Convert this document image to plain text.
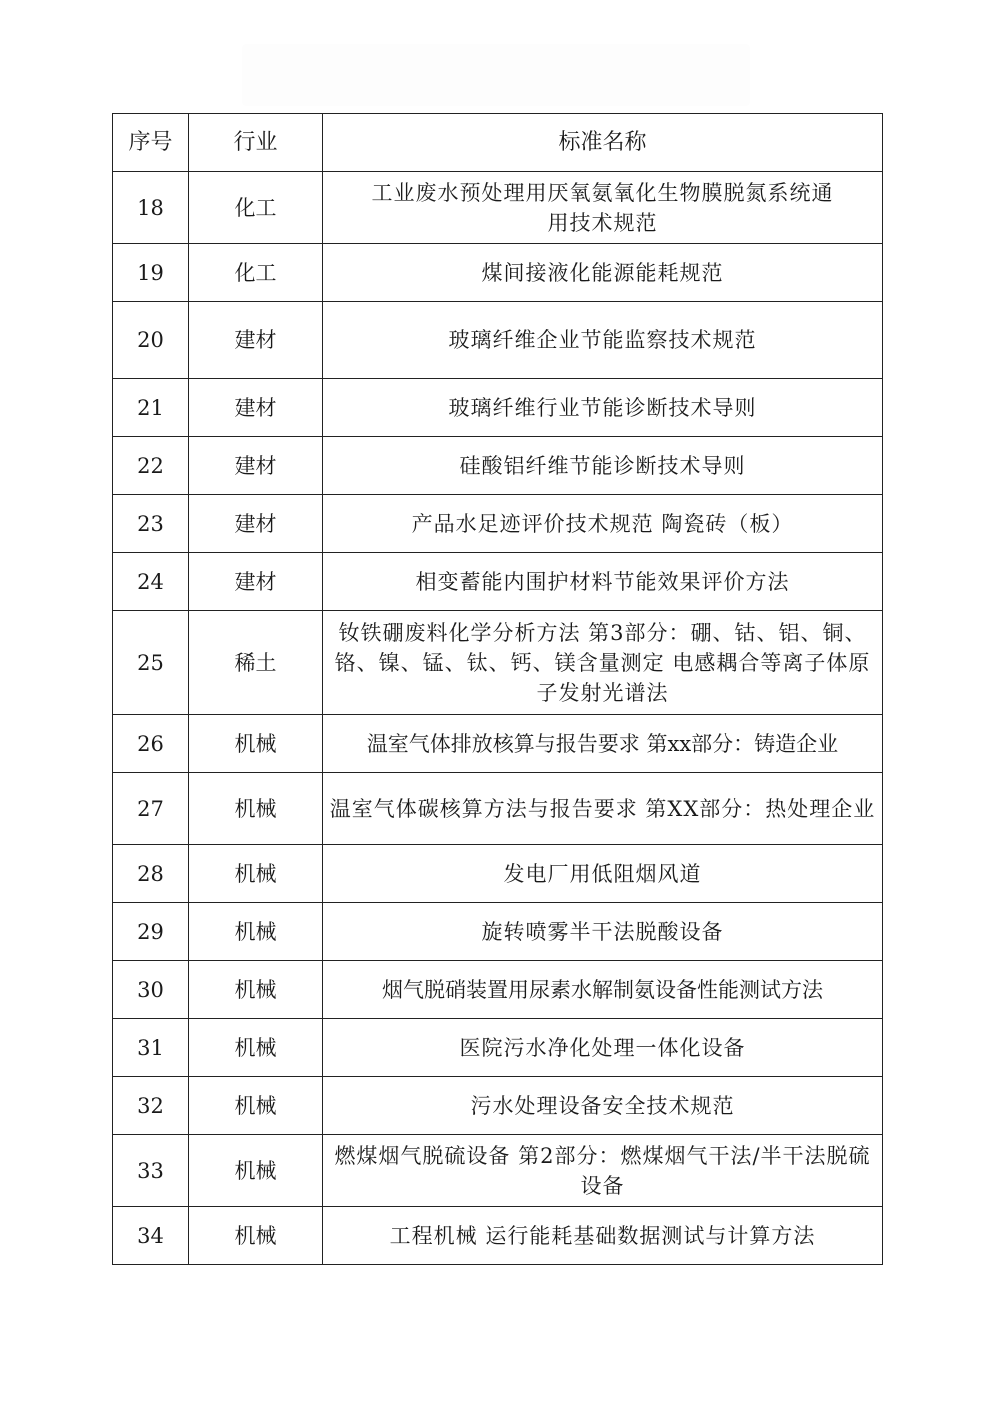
序号	行业	标准名称
18	化工	工业废水预处理用厌氧氨氧化生物膜脱氮系统通用技术规范
19	化工	煤间接液化能源能耗规范
20	建材	玻璃纤维企业节能监察技术规范
21	建材	玻璃纤维行业节能诊断技术导则
22	建材	硅酸铝纤维节能诊断技术导则
23	建材	产品水足迹评价技术规范 陶瓷砖（板）
24	建材	相变蓄能内围护材料节能效果评价方法
25	稀土	钕铁硼废料化学分析方法 第3部分：硼、钴、铝、铜、铬、镍、锰、钛、钙、镁含量测定 电感耦合等离子体原子发射光谱法
26	机械	温室气体排放核算与报告要求 第xx部分：铸造企业
27	机械	温室气体碳核算方法与报告要求 第XX部分：热处理企业
28	机械	发电厂用低阻烟风道
29	机械	旋转喷雾半干法脱酸设备
30	机械	烟气脱硝装置用尿素水解制氨设备性能测试方法
31	机械	医院污水净化处理一体化设备
32	机械	污水处理设备安全技术规范
33	机械	燃煤烟气脱硫设备 第2部分：燃煤烟气干法/半干法脱硫设备
34	机械	工程机械 运行能耗基础数据测试与计算方法
